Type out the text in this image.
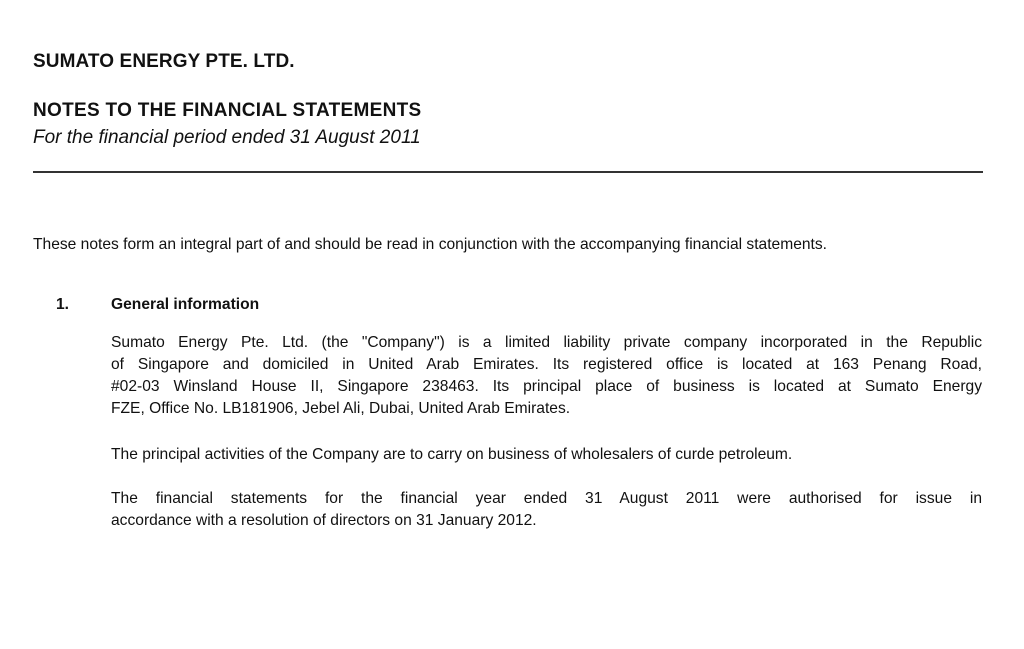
SUMATO ENERGY PTE. LTD.
NOTES TO THE FINANCIAL STATEMENTS
For the financial period ended 31 August 2011
These notes form an integral part of and should be read in conjunction with the accompanying financial statements.
1.	General information
Sumato Energy Pte. Ltd. (the "Company") is a limited liability private company incorporated in the Republic
of Singapore and domiciled in United Arab Emirates. Its registered office is located at 163 Penang Road,
#02-03 Winsland House II, Singapore 238463. Its principal place of business is located at Sumato Energy
FZE, Office No. LB181906, Jebel Ali, Dubai, United Arab Emirates.
The principal activities of the Company are to carry on business of wholesalers of curde petroleum.
The financial statements for the financial year ended 31 August 2011 were authorised for issue in
accordance with a resolution of directors on 31 January 2012.
